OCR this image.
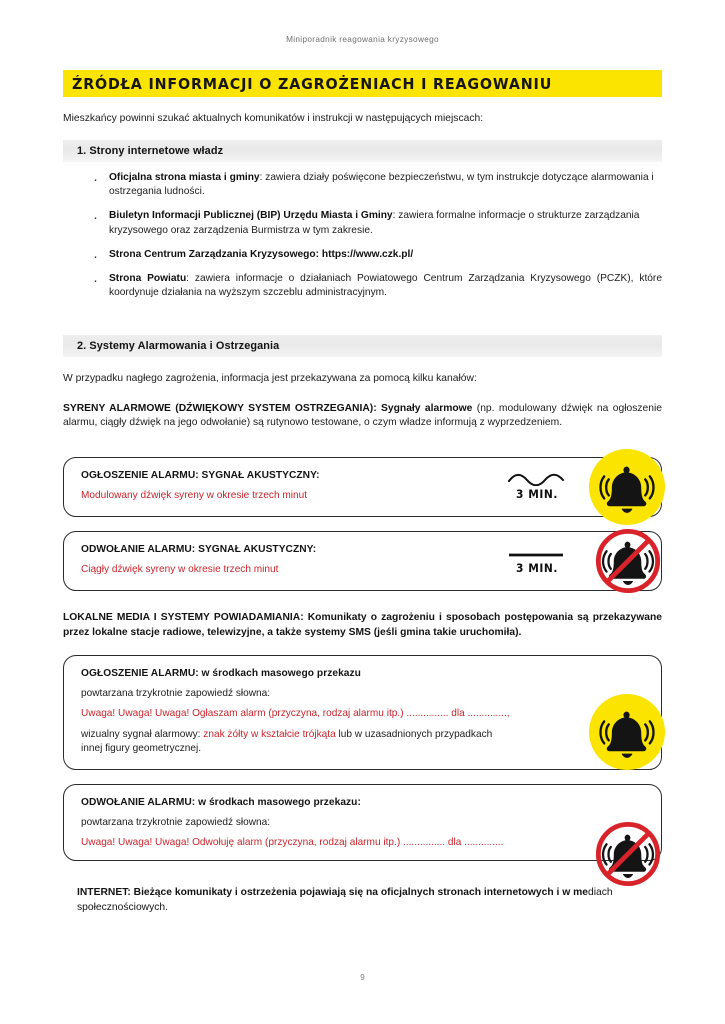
Miniporadnik reagowania kryzysowego
ŹRÓDŁA INFORMACJI O ZAGROŻENIACH I REAGOWANIU

Mieszkańcy powinni szukać aktualnych komunikatów i instrukcji w następujących miejscach:

1. Strony internetowe władz
· Oficjalna strona miasta i gminy: zawiera działy poświęcone bezpieczeństwu, w tym instrukcje dotyczące alarmowania i ostrzegania ludności.
· Biuletyn Informacji Publicznej (BIP) Urzędu Miasta i Gminy: zawiera formalne informacje o strukturze zarządzania kryzysowego oraz zarządzenia Burmistrza w tym zakresie.
· Strona Centrum Zarządzania Kryzysowego: https://www.czk.pl/
· Strona Powiatu: zawiera informacje o działaniach Powiatowego Centrum Zarządzania Kryzysowego (PCZK), które koordynuje działania na wyższym szczeblu administracyjnym.
2. Systemy Alarmowania i Ostrzegania

W przypadku nagłego zagrożenia, informacja jest przekazywana za pomocą kilku kanałów:

SYRENY ALARMOWE (DŹWIĘKOWY SYSTEM OSTRZEGANIA): Sygnały alarmowe (np. modulowany dźwięk na ogłoszenie alarmu, ciągły dźwięk na jego odwołanie) są rutynowo testowane, o czym władze informują z wyprzedzeniem.

OGŁOSZENIE ALARMU: SYGNAŁ AKUSTYCZNY:

Modulowany dźwięk syreny w okresie trzech minut	3 MIN.

ODWOŁANIE ALARMU: SYGNAŁ AKUSTYCZNY:

Ciągły dźwięk syreny w okresie trzech minut	3 MIN.

LOKALNE MEDIA I SYSTEMY POWIADAMIANIA: Komunikaty o zagrożeniu i sposobach postępowania są przekazywane przez lokalne stacje radiowe, telewizyjne, a także systemy SMS (jeśli gmina takie uruchomiła).

OGŁOSZENIE ALARMU: w środkach masowego przekazu

powtarzana trzykrotnie zapowiedź słowna:

Uwaga! Uwaga! Uwaga! Ogłaszam alarm (przyczyna, rodzaj alarmu itp.) ............... dla ..............,

wizualny sygnał alarmowy: znak żółty w kształcie trójkąta lub w uzasadnionych przypadkach innej figury geometrycznej.

ODWOŁANIE ALARMU: w środkach masowego przekazu:

powtarzana trzykrotnie zapowiedź słowna:

Uwaga! Uwaga! Uwaga! Odwołuję alarm (przyczyna, rodzaj alarmu itp.) ............... dla ..............

INTERNET: Bieżące komunikaty i ostrzeżenia pojawiają się na oficjalnych stronach internetowych i w mediach społecznościowych.

9
